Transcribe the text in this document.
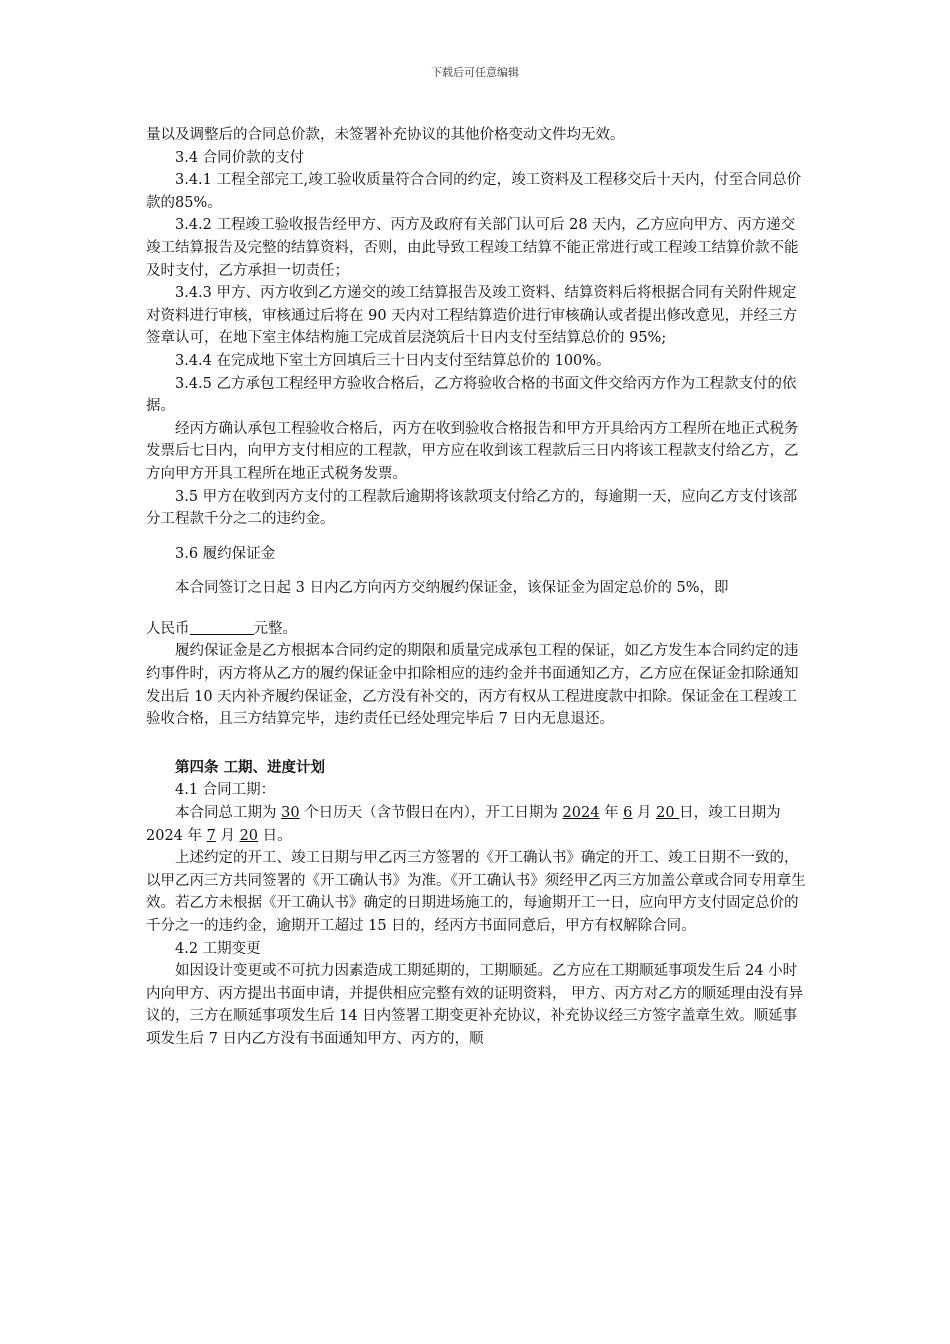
下载后可任意编辑

量以及调整后的合同总价款，未签署补充协议的其他价格变动文件均无效。

3.4 合同价款的支付

3.4.1 工程全部完工,竣工验收质量符合合同的约定，竣工资料及工程移交后十天内，付至合同总价款的85%。

3.4.2 工程竣工验收报告经甲方、丙方及政府有关部门认可后 28 天内，乙方应向甲方、丙方递交竣工结算报告及完整的结算资料，否则，由此导致工程竣工结算不能正常进行或工程竣工结算价款不能及时支付，乙方承担一切责任；

3.4.3 甲方、丙方收到乙方递交的竣工结算报告及竣工资料、结算资料后将根据合同有关附件规定对资料进行审核，审核通过后将在 90 天内对工程结算造价进行审核确认或者提出修改意见，并经三方签章认可，在地下室主体结构施工完成首层浇筑后十日内支付至结算总价的 95%;

3.4.4 在完成地下室土方回填后三十日内支付至结算总价的 100%。

3.4.5 乙方承包工程经甲方验收合格后，乙方将验收合格的书面文件交给丙方作为工程款支付的依据。

经丙方确认承包工程验收合格后，丙方在收到验收合格报告和甲方开具给丙方工程所在地正式税务发票后七日内，向甲方支付相应的工程款，甲方应在收到该工程款后三日内将该工程款支付给乙方，乙方向甲方开具工程所在地正式税务发票。

3.5 甲方在收到丙方支付的工程款后逾期将该款项支付给乙方的，每逾期一天，应向乙方支付该部分工程款千分之二的违约金。

3.6 履约保证金

本合同签订之日起 3 日内乙方向丙方交纳履约保证金，该保证金为固定总价的 5%，即

人民币	元整。

履约保证金是乙方根据本合同约定的期限和质量完成承包工程的保证，如乙方发生本合同约定的违约事件时，丙方将从乙方的履约保证金中扣除相应的违约金并书面通知乙方，乙方应在保证金扣除通知发出后 10 天内补齐履约保证金，乙方没有补交的，丙方有权从工程进度款中扣除。保证金在工程竣工验收合格，且三方结算完毕，违约责任已经处理完毕后 7 日内无息退还。

第四条 工期、进度计划

4.1 合同工期：

本合同总工期为 30 个日历天（含节假日在内），开工日期为 2024 年 6 月 20 日，竣工日期为 2024 年 7 月 20 日。

上述约定的开工、竣工日期与甲乙丙三方签署的《开工确认书》确定的开工、竣工日期不一致的，以甲乙丙三方共同签署的《开工确认书》为准。《开工确认书》须经甲乙丙三方加盖公章或合同专用章生效。若乙方未根据《开工确认书》确定的日期进场施工的，每逾期开工一日，应向甲方支付固定总价的千分之一的违约金，逾期开工超过 15 日的，经丙方书面同意后，甲方有权解除合同。

4.2 工期变更

如因设计变更或不可抗力因素造成工期延期的，工期顺延。乙方应在工期顺延事项发生后 24 小时内向甲方、丙方提出书面申请，并提供相应完整有效的证明资料， 甲方、丙方对乙方的顺延理由没有异议的，三方在顺延事项发生后 14 日内签署工期变更补充协议，补充协议经三方签字盖章生效。顺延事项发生后 7 日内乙方没有书面通知甲方、丙方的，顺
